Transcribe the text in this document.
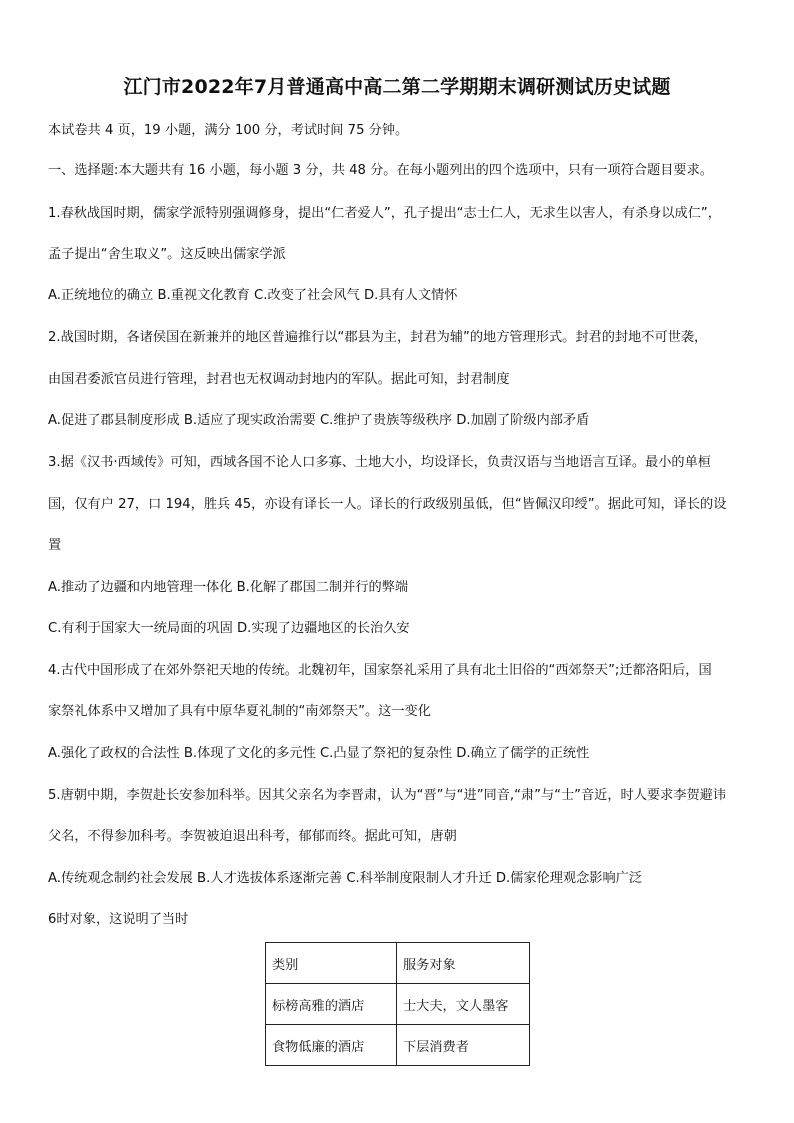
江门市2022年7月普通高中高二第二学期期末调研测试历史试题
本试卷共 4 页，19 小题，满分 100 分，考试时间 75 分钟。
一、选择题:本大题共有 16 小题，每小题 3 分，共 48 分。在每小题列出的四个选项中，只有一项符合题目要求。
1.春秋战国时期，儒家学派特别强调修身，提出“仁者爱人”，孔子提出“志士仁人，无求生以害人，有杀身以成仁”，
孟子提出“舍生取义”。这反映出儒家学派
A.正统地位的确立 B.重视文化教育 C.改变了社会风气 D.具有人文情怀
2.战国时期，各诸侯国在新兼并的地区普遍推行以“郡县为主，封君为辅”的地方管理形式。封君的封地不可世袭，
由国君委派官员进行管理，封君也无权调动封地内的军队。据此可知，封君制度
A.促进了郡县制度形成 B.适应了现实政治需要 C.维护了贵族等级秩序 D.加剧了阶级内部矛盾
3.据《汉书·西域传》可知，西域各国不论人口多寡、土地大小，均设译长，负责汉语与当地语言互译。最小的单桓
国，仅有户 27，口 194，胜兵 45，亦设有译长一人。译长的行政级别虽低，但“皆佩汉印绶”。据此可知，译长的设
置
A.推动了边疆和内地管理一体化 B.化解了郡国二制并行的弊端
C.有利于国家大一统局面的巩固 D.实现了边疆地区的长治久安
4.古代中国形成了在郊外祭祀天地的传统。北魏初年，国家祭礼采用了具有北土旧俗的“西郊祭天”;迁都洛阳后，国
家祭礼体系中又增加了具有中原华夏礼制的“南郊祭天”。这一变化
A.强化了政权的合法性 B.体现了文化的多元性 C.凸显了祭祀的复杂性 D.确立了儒学的正统性
5.唐朝中期，李贺赴长安参加科举。因其父亲名为李晋肃，认为“晋”与“进”同音,“肃”与“士”音近，时人要求李贺避讳
父名，不得参加科考。李贺被迫退出科考，郁郁而终。据此可知，唐朝
A.传统观念制约社会发展 B.人才选拔体系逐渐完善 C.科举制度限制人才升迁 D.儒家伦理观念影响广泛
6时对象，这说明了当时
类别	服务对象
标榜高雅的酒店	士大夫，文人墨客
食物低廉的酒店	下层消费者
